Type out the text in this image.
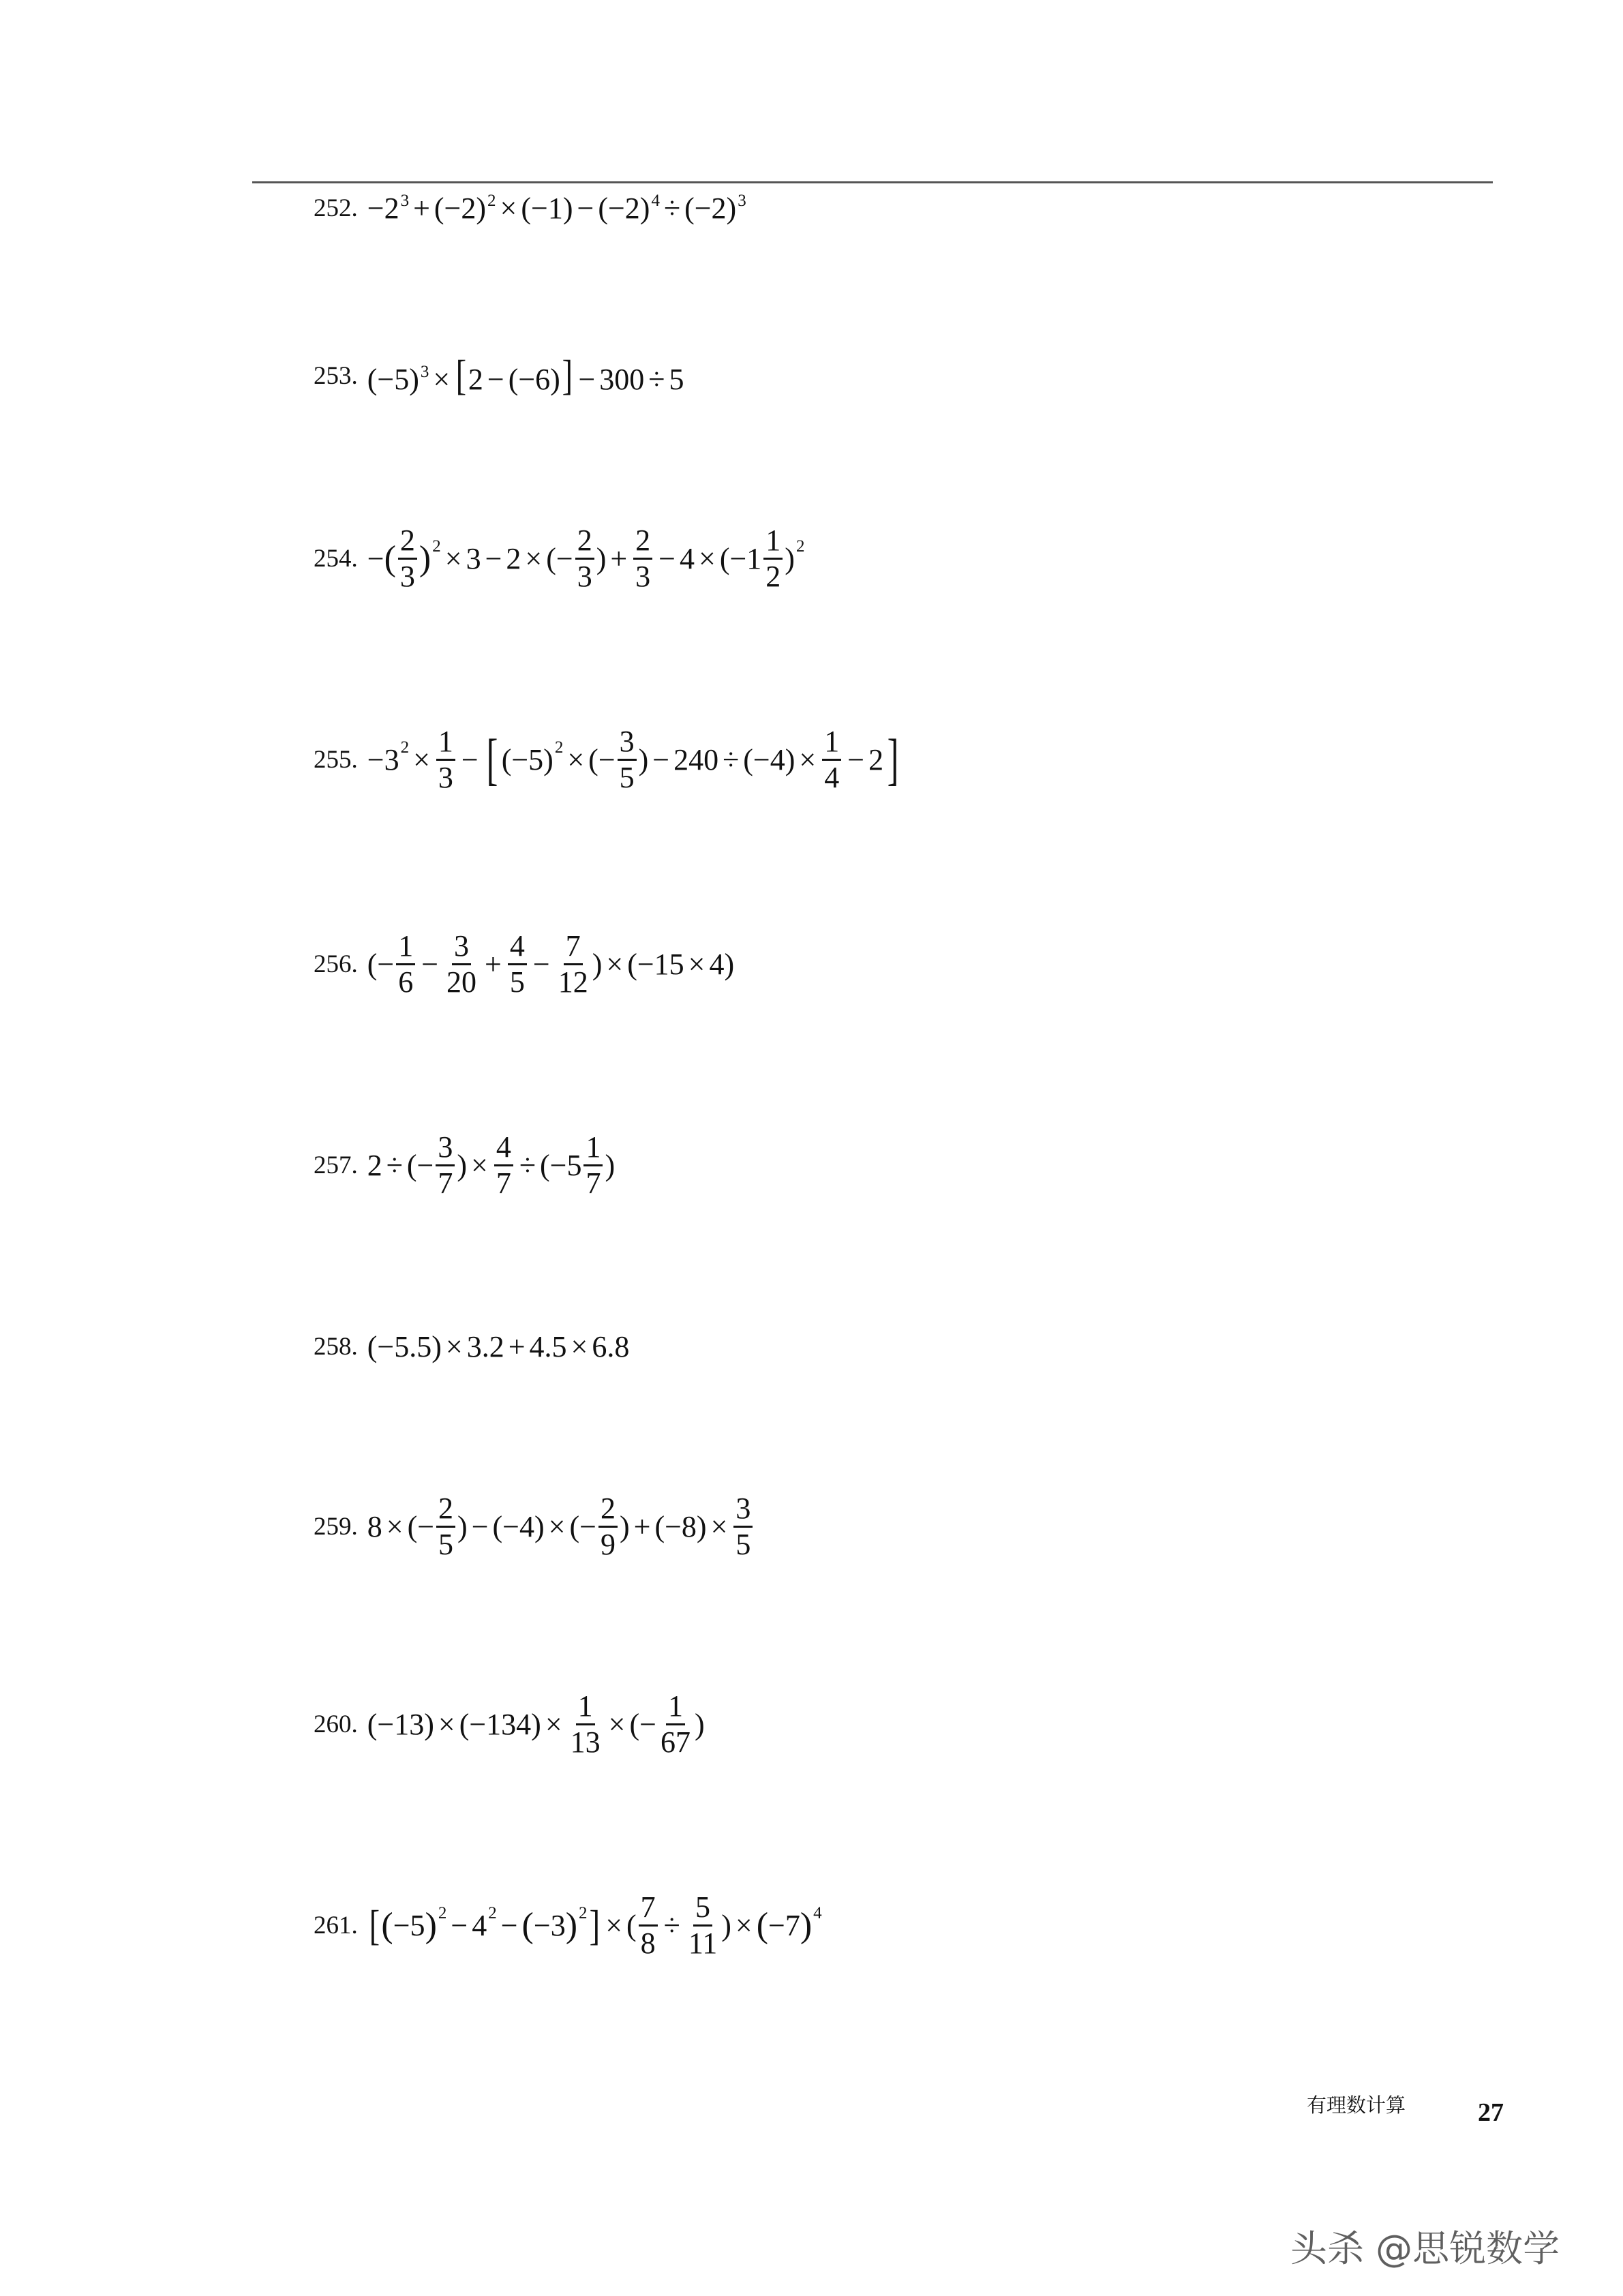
252. $-2^3 + (-2)^2 \times (-1) - (-2)^4 \div (-2)^3$
253. $(-5)^3 \times [2 - (-6)] - 300 \div 5$
254. − ( $\frac{2}{3} )^2 \times 3 - 2$ × (− $\frac{2}{3}$ ) + $\frac{2}{3} - 4 \times (-1 \frac{1}{2} )^2$
255. $-3^2 \times \frac{1}{3}$ − [ $(-5)^2$ × (− $\frac{3}{5}$ ) − $240 \div (-4) \times \frac{1}{4} - 2$ ]
256. (− $\frac{1}{6} - \frac{3}{20} + \frac{4}{5} - \frac{7}{12}$ ) × (−15 × 4)
257. 2 ÷ (− $\frac{3}{7}$ ) × $\frac{4}{7} \div (-5 \frac{1}{7}$ )
258. (−5.5) × 3.2 + 4.5 × 6.8
259. 8 × (− $\frac{2}{5}$ ) − (−4) × (− $\frac{2}{9}$ ) + $(-8) \times \frac{3}{5}$
260. $(-13) \times (-134) \times \frac{1}{13}$ × (− $\frac{1}{67}$ )
261. [ ( −5 )$^2 - 4^2$ − ( −3 )$^2$ ] × ( $\frac{7}{8} \div \frac{5}{11}$ ) × ( −7 )$^4$
有理数计算	27
头杀 @思锐数学
